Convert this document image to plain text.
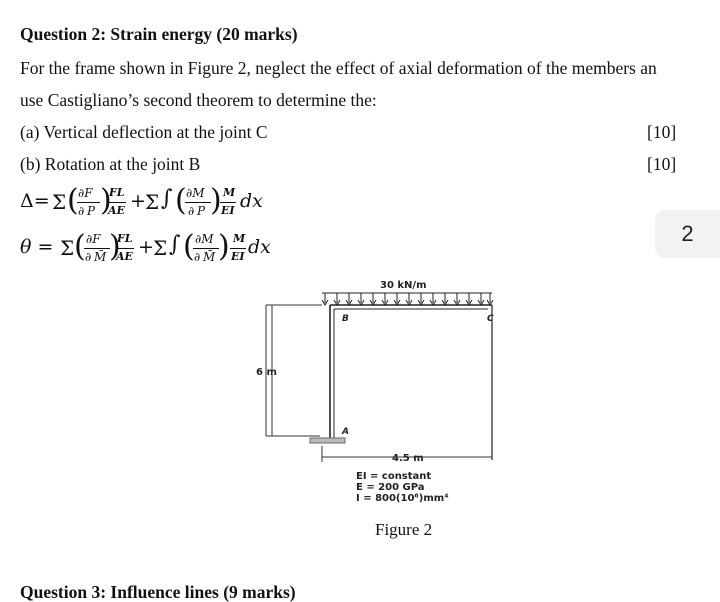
Question 2: Strain energy (20 marks)
For the frame shown in Figure 2, neglect the effect of axial deformation of the members an
use Castigliano’s second theorem to determine the:
(a) Vertical deflection at the joint C	[10]
(b) Rotation at the joint B	[10]
Δ= Σ ( ∂F
∂ P )
FL
AE + Σ ∫ ( ∂M
∂ P ) M
EI dx
θ = Σ ( ∂F
∂ M̄ )
FL
AE + Σ ∫ ( ∂M
∂ M̄ ) M
EI dx
2
30 kN/m
B	C
A
6 m
4.5 m
EI = constant
E = 200 GPa
I = 800(10⁶)mm⁴
Figure 2
Question 3: Influence lines (9 marks)
